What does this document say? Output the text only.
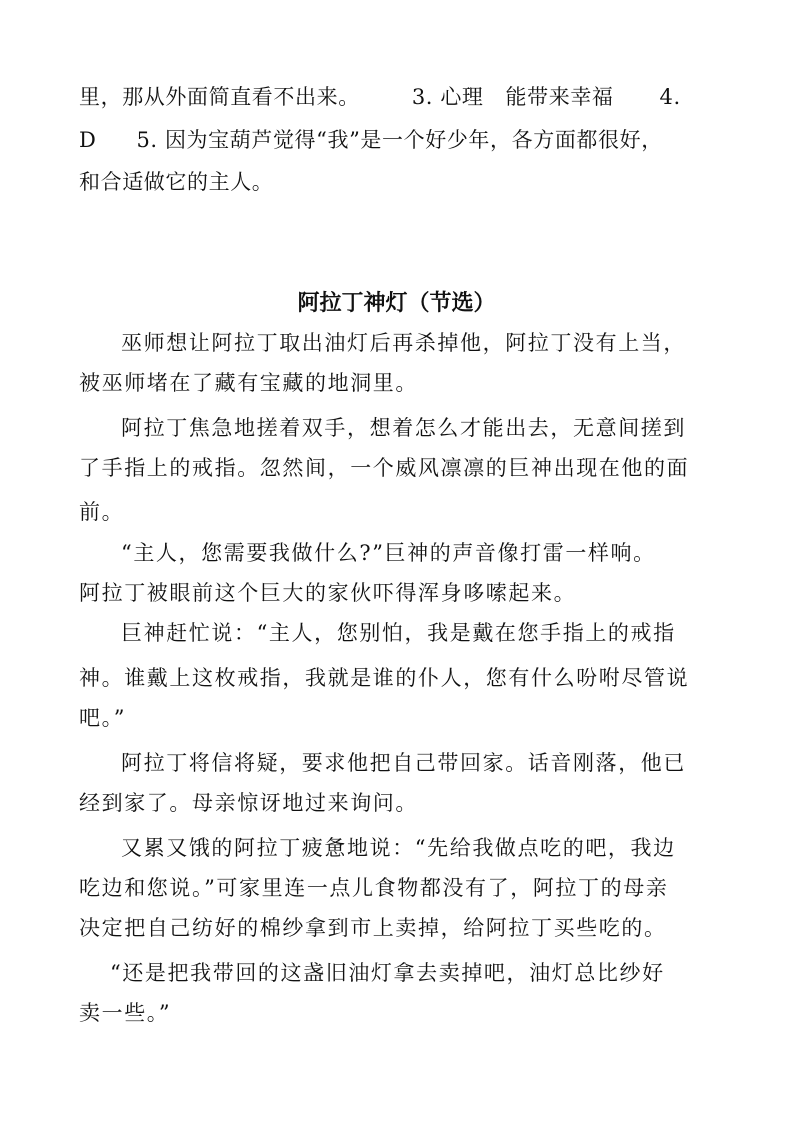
里，那从外面简直看不出来。 3. 心理 能带来幸福 4.
D 5. 因为宝葫芦觉得“我”是一个好少年，各方面都很好，
和合适做它的主人。
阿拉丁神灯（节选）
巫师想让阿拉丁取出油灯后再杀掉他，阿拉丁没有上当，
被巫师堵在了藏有宝藏的地洞里。
阿拉丁焦急地搓着双手，想着怎么才能出去，无意间搓到
了手指上的戒指。忽然间，一个威风凛凛的巨神出现在他的面
前。
“主人，您需要我做什么?”巨神的声音像打雷一样响。
阿拉丁被眼前这个巨大的家伙吓得浑身哆嗦起来。
巨神赶忙说：“主人，您别怕，我是戴在您手指上的戒指
神。谁戴上这枚戒指，我就是谁的仆人，您有什么吩咐尽管说
吧。”
阿拉丁将信将疑，要求他把自己带回家。话音刚落，他已
经到家了。母亲惊讶地过来询问。
又累又饿的阿拉丁疲惫地说：“先给我做点吃的吧，我边
吃边和您说。”可家里连一点儿食物都没有了，阿拉丁的母亲
决定把自己纺好的棉纱拿到市上卖掉，给阿拉丁买些吃的。
“还是把我带回的这盏旧油灯拿去卖掉吧，油灯总比纱好
卖一些。”
